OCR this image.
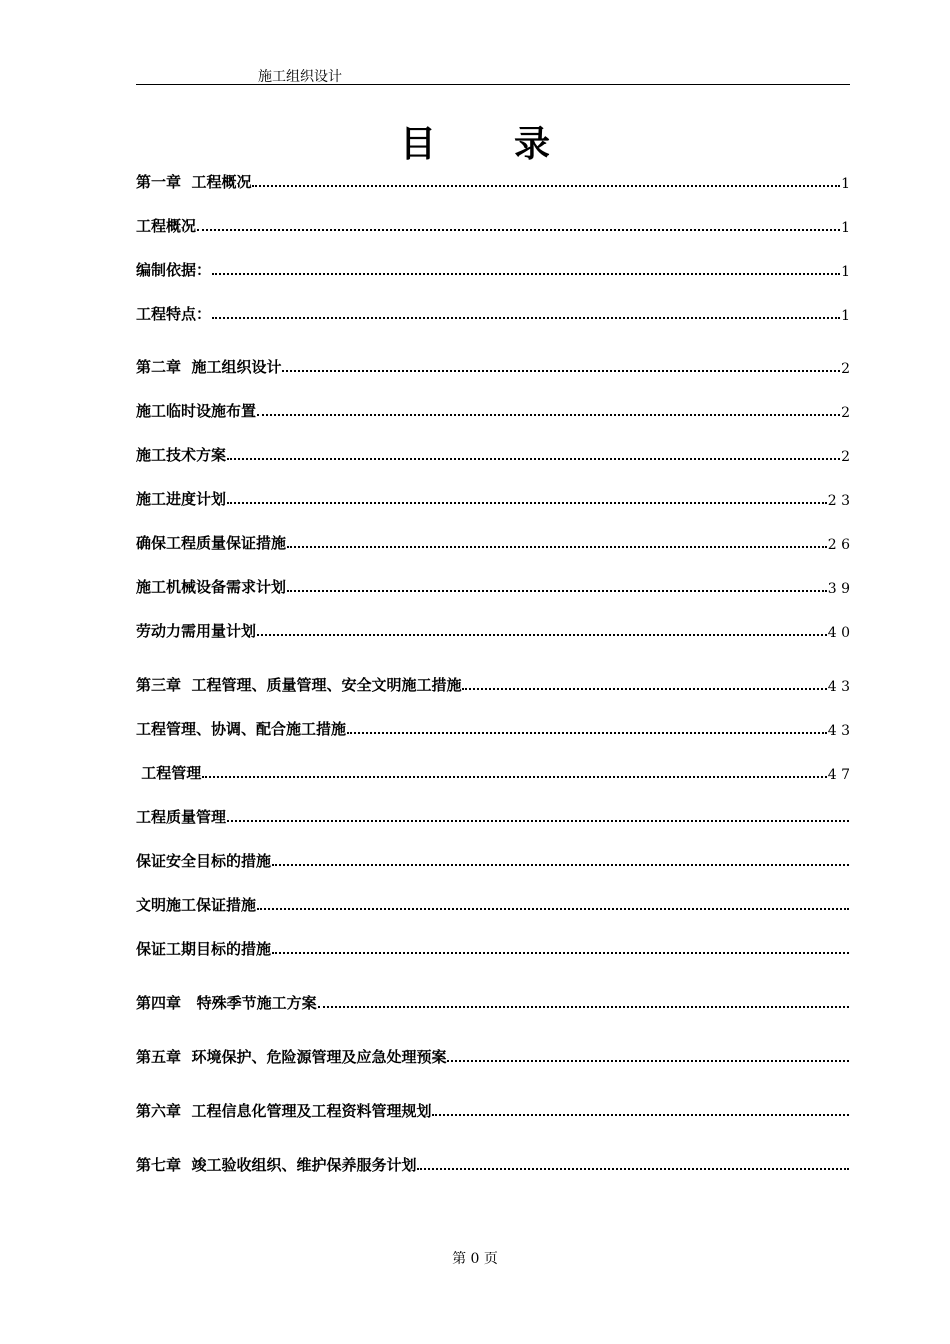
施工组织设计
目 录
第一章  工程概况	1
工程概况	1
编制依据：	1
工程特点：	1
第二章  施工组织设计	2
施工临时设施布置	2
施工技术方案	2
施工进度计划	2 3
确保工程质量保证措施	2 6
施工机械设备需求计划	3 9
劳动力需用量计划	4 0
第三章  工程管理、质量管理、安全文明施工措施	4 3
工程管理、协调、配合施工措施	4 3
工程管理	4 7
工程质量管理
保证安全目标的措施
文明施工保证措施
保证工期目标的措施
第四章   特殊季节施工方案
第五章  环境保护、危险源管理及应急处理预案
第六章  工程信息化管理及工程资料管理规划
第七章  竣工验收组织、维护保养服务计划
第 0 页
